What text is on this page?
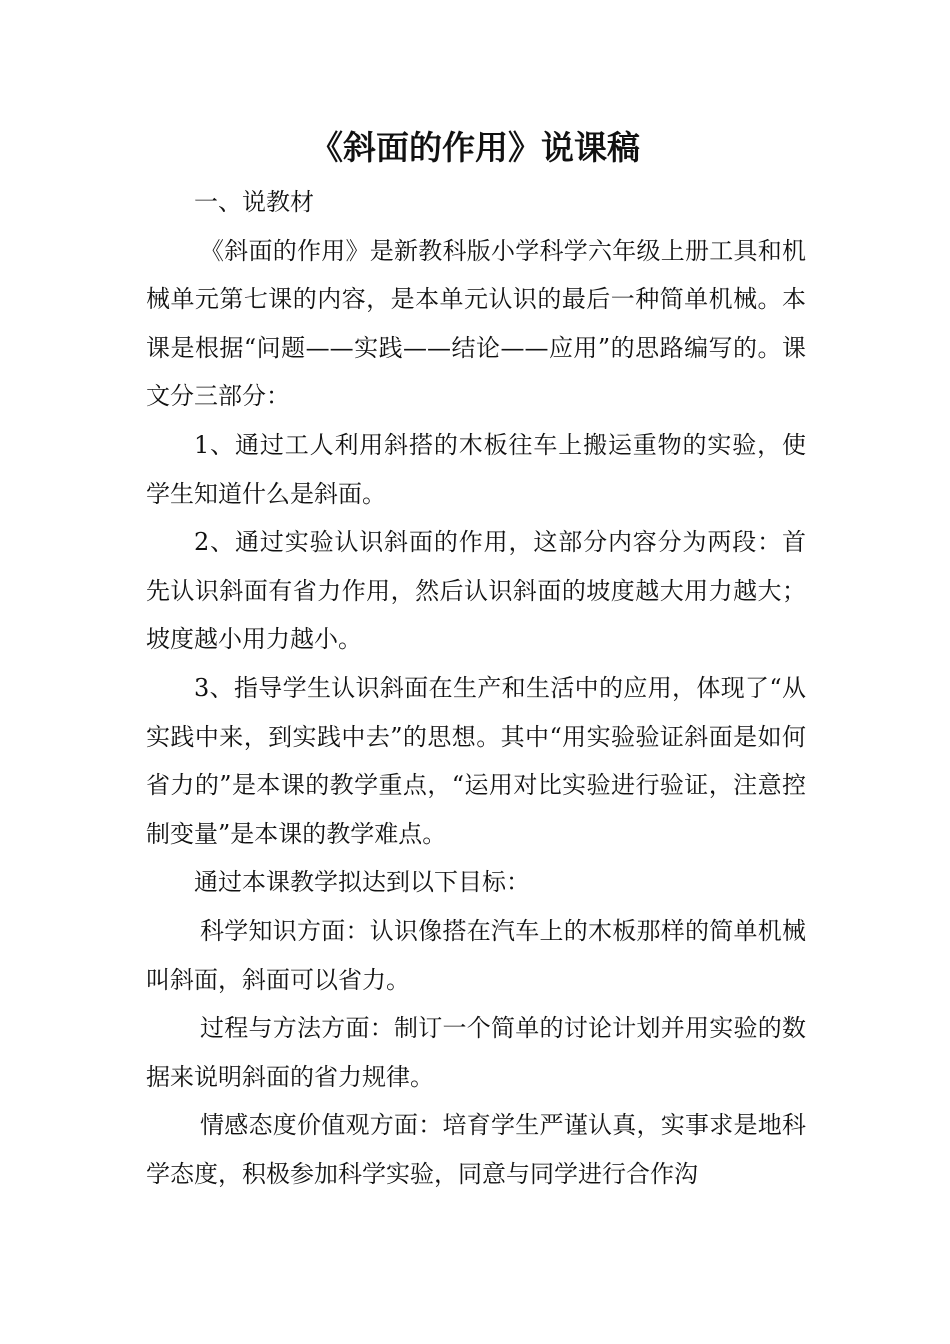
《斜面的作用》说课稿

一、说教材

《斜面的作用》是新教科版小学科学六年级上册工具和机械单元第七课的内容，是本单元认识的最后一种简单机械。本课是根据“问题——实践——结论——应用”的思路编写的。课文分三部分：

1、通过工人利用斜搭的木板往车上搬运重物的实验，使学生知道什么是斜面。

2、通过实验认识斜面的作用，这部分内容分为两段：首先认识斜面有省力作用，然后认识斜面的坡度越大用力越大；坡度越小用力越小。

3、指导学生认识斜面在生产和生活中的应用，体现了“从实践中来，到实践中去”的思想。其中“用实验验证斜面是如何省力的”是本课的教学重点，“运用对比实验进行验证，注意控制变量”是本课的教学难点。

通过本课教学拟达到以下目标：

科学知识方面：认识像搭在汽车上的木板那样的简单机械叫斜面，斜面可以省力。

过程与方法方面：制订一个简单的讨论计划并用实验的数据来说明斜面的省力规律。

情感态度价值观方面：培育学生严谨认真，实事求是地科学态度，积极参加科学实验，同意与同学进行合作沟
